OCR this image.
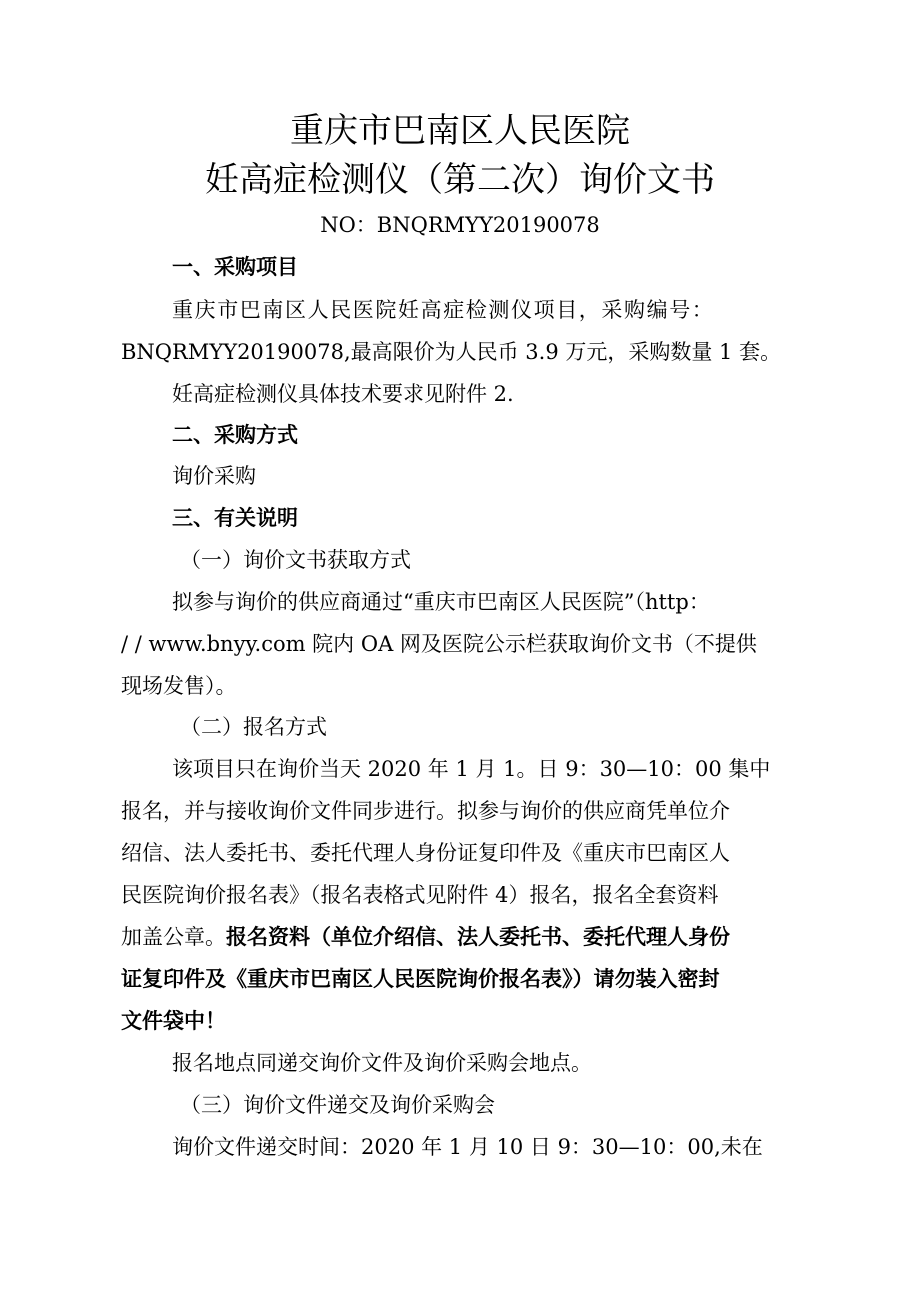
重庆市巴南区人民医院
妊高症检测仪（第二次）询价文书
NO：BNQRMYY20190078
一、采购项目
重庆市巴南区人民医院妊高症检测仪项目，采购编号：
BNQRMYY20190078,最高限价为人民币 3.9 万元，采购数量 1 套。
妊高症检测仪具体技术要求见附件 2.
二、采购方式
询价采购
三、有关说明
（一）询价文书获取方式
拟参与询价的供应商通过“重庆市巴南区人民医院”（http：
/ / www.bnyy.com 院内 OA 网及医院公示栏获取询价文书（不提供
现场发售）。
（二）报名方式
该项目只在询价当天 2020 年 1 月 1。日 9：30—10：00 集中
报名，并与接收询价文件同步进行。拟参与询价的供应商凭单位介
绍信、法人委托书、委托代理人身份证复印件及《重庆市巴南区人
民医院询价报名表》（报名表格式见附件 4）报名，报名全套资料
加盖公章。报名资料（单位介绍信、法人委托书、委托代理人身份
证复印件及《重庆市巴南区人民医院询价报名表》）请勿装入密封
文件袋中！
报名地点同递交询价文件及询价采购会地点。
（三）询价文件递交及询价采购会
询价文件递交时间：2020 年 1 月 10 日 9：30—10：00,未在
